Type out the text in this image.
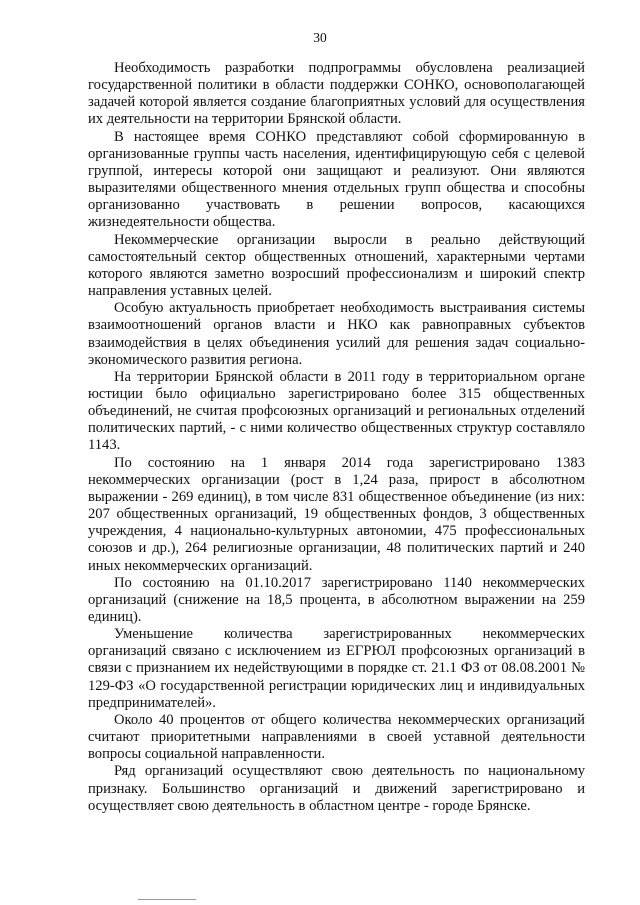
30

Необходимость разработки подпрограммы обусловлена реализацией государственной политики в области поддержки СОНКО, основополагающей задачей которой является создание благоприятных условий для осуществления их деятельности на территории Брянской области.

В настоящее время СОНКО представляют собой сформированную в организованные группы часть населения, идентифицирующую себя с целевой группой, интересы которой они защищают и реализуют. Они являются выразителями общественного мнения отдельных групп общества и способны организованно участвовать в решении вопросов, касающихся жизнедеятельности общества.

Некоммерческие организации выросли в реально действующий самостоятельный сектор общественных отношений, характерными чертами которого являются заметно возросший профессионализм и широкий спектр направления уставных целей.

Особую актуальность приобретает необходимость выстраивания системы взаимоотношений органов власти и НКО как равноправных субъектов взаимодействия в целях объединения усилий для решения задач социально-экономического развития региона.

На территории Брянской области в 2011 году в территориальном органе юстиции было официально зарегистрировано более 315 общественных объединений, не считая профсоюзных организаций и региональных отделений политических партий, - с ними количество общественных структур составляло 1143.

По состоянию на 1 января 2014 года зарегистрировано 1383 некоммерческих организации (рост в 1,24 раза, прирост в абсолютном выражении - 269 единиц), в том числе 831 общественное объединение (из них: 207 общественных организаций, 19 общественных фондов, 3 общественных учреждения, 4 национально-культурных автономии, 475 профессиональных союзов и др.), 264 религиозные организации, 48 политических партий и 240 иных некоммерческих организаций.

По состоянию на 01.10.2017 зарегистрировано 1140 некоммерческих организаций (снижение на 18,5 процента, в абсолютном выражении на 259 единиц).

Уменьшение количества зарегистрированных некоммерческих организаций связано с исключением из ЕГРЮЛ профсоюзных организаций в связи с признанием их недействующими в порядке ст. 21.1 ФЗ от 08.08.2001 № 129-ФЗ «О государственной регистрации юридических лиц и индивидуальных предпринимателей».

Около 40 процентов от общего количества некоммерческих организаций считают приоритетными направлениями в своей уставной деятельности вопросы социальной направленности.

Ряд организаций осуществляют свою деятельность по национальному признаку. Большинство организаций и движений зарегистрировано и осуществляет свою деятельность в областном центре - городе Брянске.
